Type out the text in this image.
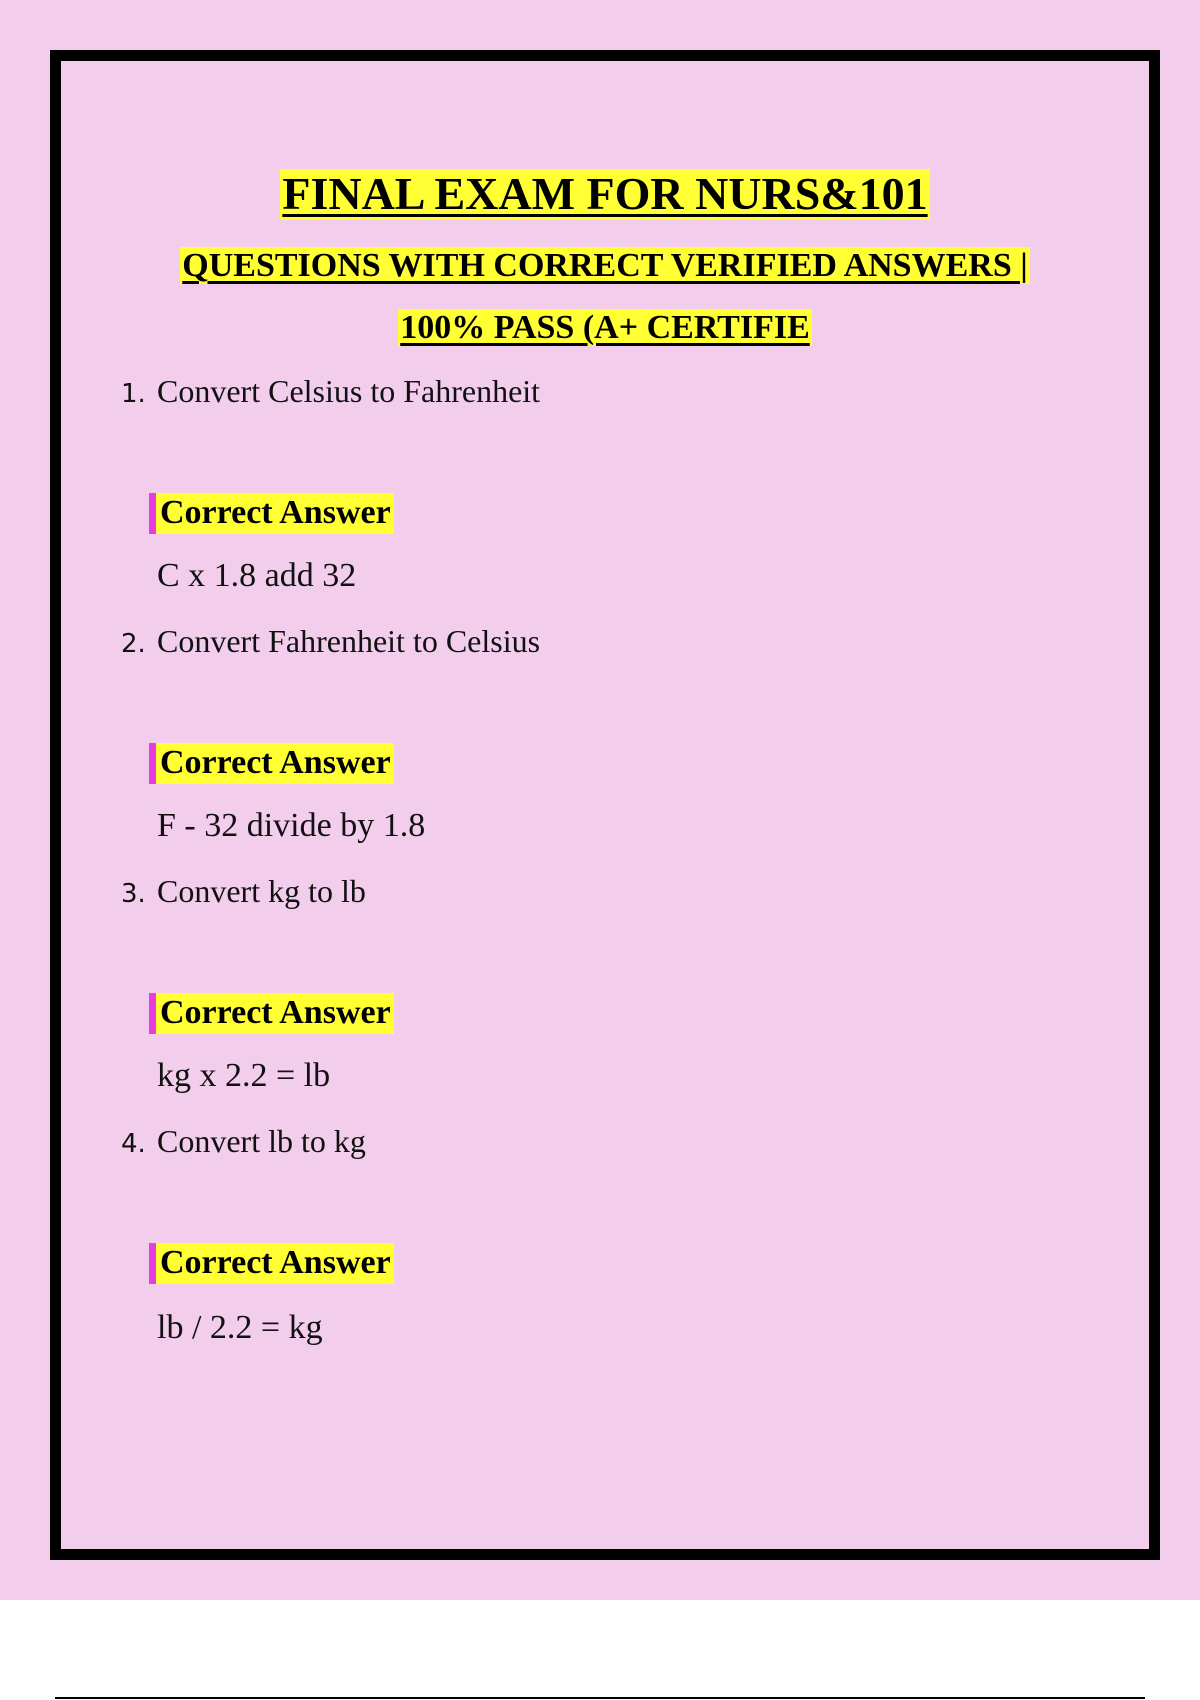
FINAL EXAM FOR NURS&101
QUESTIONS WITH CORRECT VERIFIED ANSWERS |
100% PASS (A+ CERTIFIE
1. Convert Celsius to Fahrenheit
Correct Answer
C x 1.8 add 32
2. Convert Fahrenheit to Celsius
Correct Answer
F - 32 divide by 1.8
3. Convert kg to lb
Correct Answer
kg x 2.2 = lb
4. Convert lb to kg
Correct Answer
lb / 2.2 = kg
